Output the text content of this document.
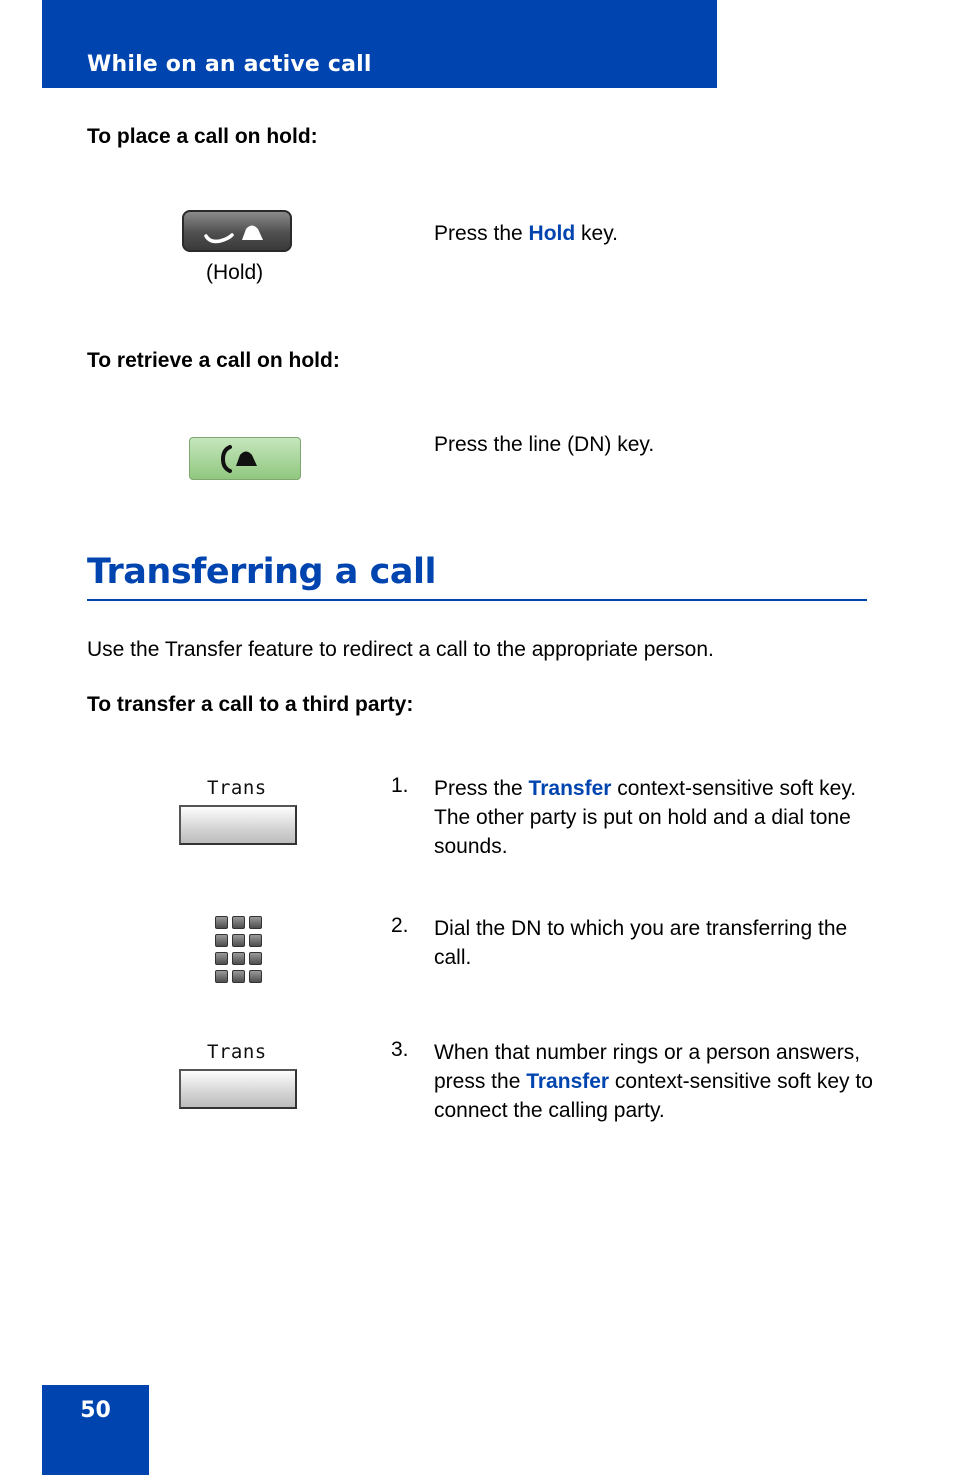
While on an active call
To place a call on hold:
(Hold)
Press the Hold key.
To retrieve a call on hold:
Press the line (DN) key.
Transferring a call
Use the Transfer feature to redirect a call to the appropriate person.
To transfer a call to a third party:
Trans	1. Press the Transfer context-sensitive soft key. The other party is put on hold and a dial tone sounds.
2. Dial the DN to which you are transferring the call.
Trans	3. When that number rings or a person answers, press the Transfer context-sensitive soft key to connect the calling party.
50
